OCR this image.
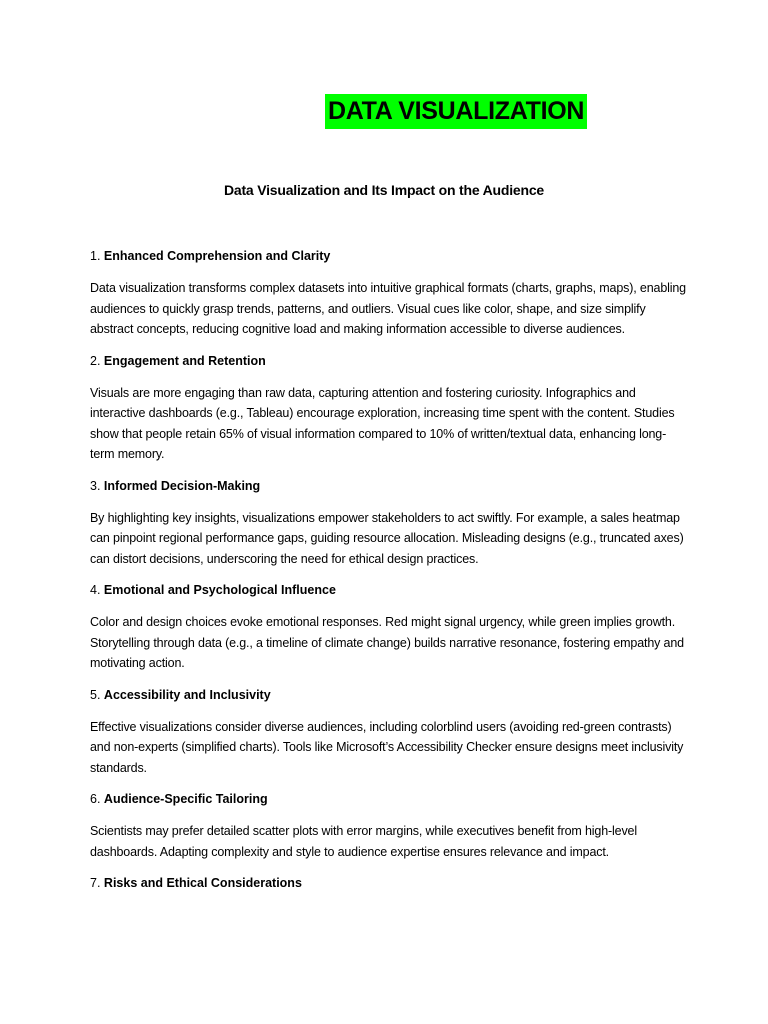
DATA VISUALIZATION
Data Visualization and Its Impact on the Audience
1. Enhanced Comprehension and Clarity
Data visualization transforms complex datasets into intuitive graphical formats (charts, graphs, maps), enabling audiences to quickly grasp trends, patterns, and outliers. Visual cues like color, shape, and size simplify abstract concepts, reducing cognitive load and making information accessible to diverse audiences.
2. Engagement and Retention
Visuals are more engaging than raw data, capturing attention and fostering curiosity. Infographics and interactive dashboards (e.g., Tableau) encourage exploration, increasing time spent with the content. Studies show that people retain 65% of visual information compared to 10% of written/textual data, enhancing long-term memory.
3. Informed Decision-Making
By highlighting key insights, visualizations empower stakeholders to act swiftly. For example, a sales heatmap can pinpoint regional performance gaps, guiding resource allocation. Misleading designs (e.g., truncated axes) can distort decisions, underscoring the need for ethical design practices.
4. Emotional and Psychological Influence
Color and design choices evoke emotional responses. Red might signal urgency, while green implies growth. Storytelling through data (e.g., a timeline of climate change) builds narrative resonance, fostering empathy and motivating action.
5. Accessibility and Inclusivity
Effective visualizations consider diverse audiences, including colorblind users (avoiding red-green contrasts) and non-experts (simplified charts). Tools like Microsoft’s Accessibility Checker ensure designs meet inclusivity standards.
6. Audience-Specific Tailoring
Scientists may prefer detailed scatter plots with error margins, while executives benefit from high-level dashboards. Adapting complexity and style to audience expertise ensures relevance and impact.
7. Risks and Ethical Considerations
